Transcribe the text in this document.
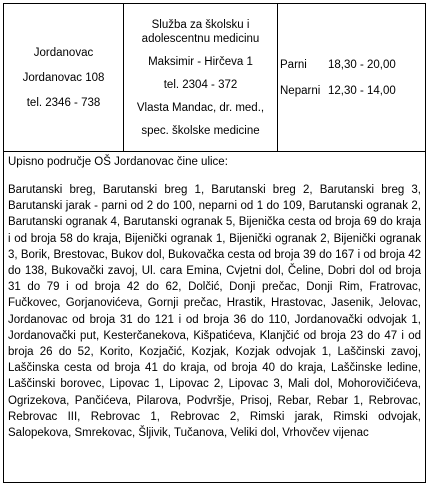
Jordanovac
Jordanovac 108
tel. 2346 - 738

Služba za školsku i
adolescentnu medicinu
Maksimir - Hirčeva 1
tel. 2304 - 372
Vlasta Mandac, dr. med.,
spec. školske medicine

Parni 18,30 - 20,00
Neparni 12,30 - 14,00

Upisno područje OŠ Jordanovac čine ulice:
Barutanski breg, Barutanski breg 1, Barutanski breg 2, Barutanski breg 3, Barutanski jarak - parni od 2 do 100, neparni od 1 do 109, Barutanski ogranak 2, Barutanski ogranak 4, Barutanski ogranak 5, Bijenička cesta od broja 69 do kraja i od broja 58 do kraja, Bijenički ogranak 1, Bijenički ogranak 2, Bijenički ogranak 3, Borik, Brestovac, Bukov dol, Bukovačka cesta od broja 39 do 167 i od broja 42 do 138, Bukovački zavoj, Ul. cara Emina, Cvjetni dol, Čeline, Dobri dol od broja 31 do 79 i od broja 42 do 62, Dolčić, Donji prečac, Donji Rim, Fratrovac, Fučkovec, Gorjanovićeva, Gornji prečac, Hrastik, Hrastovac, Jasenik, Jelovac, Jordanovac od broja 31 do 121 i od broja 36 do 110, Jordanovački odvojak 1, Jordanovački put, Kesterčanekova, Kišpatićeva, Klanjčić od broja 23 do 47 i od broja 26 do 52, Korito, Kozjačić, Kozjak, Kozjak odvojak 1, Laščinski zavoj, Laščinska cesta od broja 41 do kraja, od broja 40 do kraja, Laščinske ledine, Laščinski borovec, Lipovac 1, Lipovac 2, Lipovac 3, Mali dol, Mohorovičićeva, Ogrizekova, Pančićeva, Pilarova, Podvršje, Prisoj, Rebar, Rebar 1, Rebrovac, Rebrovac III, Rebrovac 1, Rebrovac 2, Rimski jarak, Rimski odvojak, Salopekova, Smrekovac, Šljivik, Tučanova, Veliki dol, Vrhovčev vijenac
